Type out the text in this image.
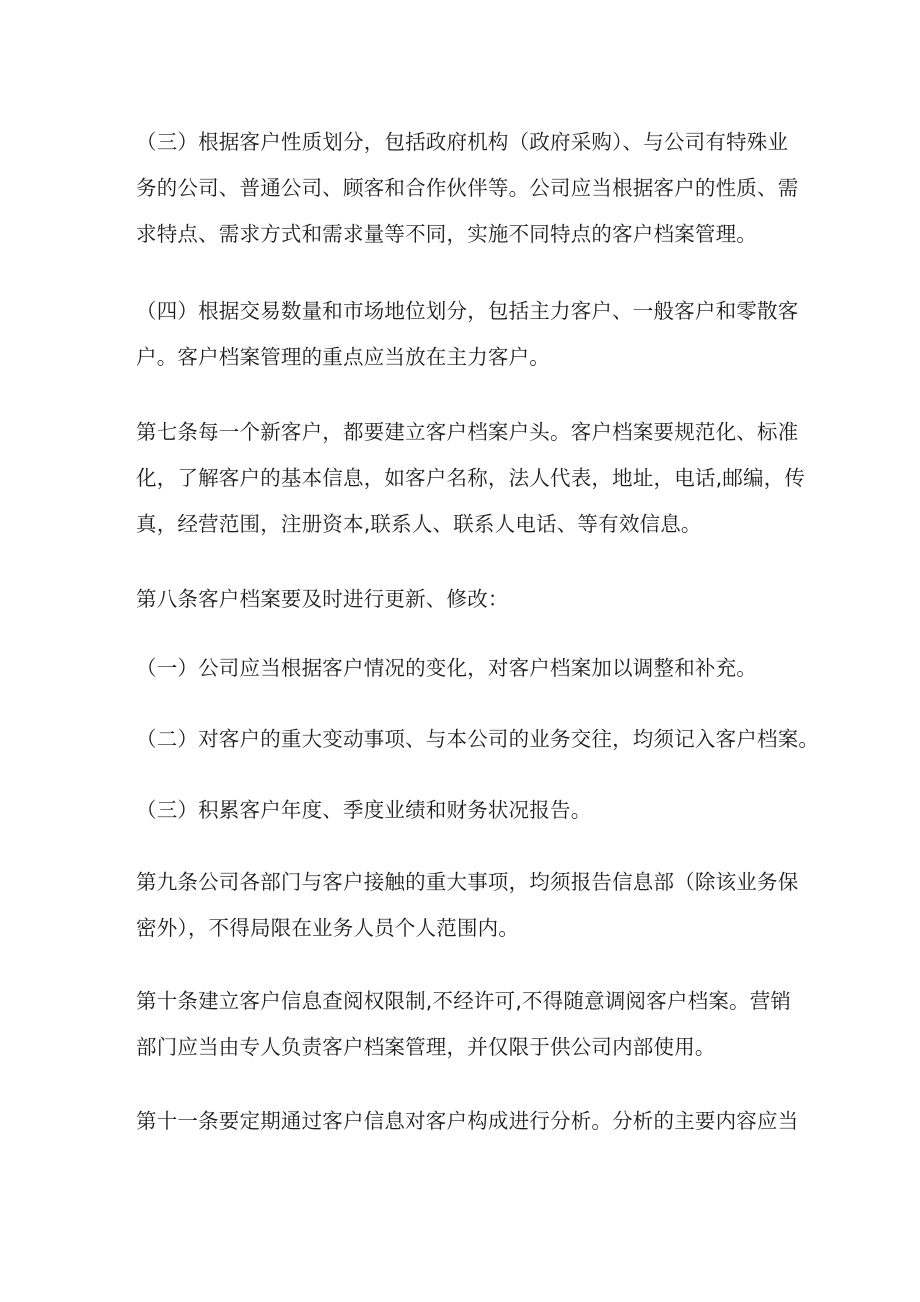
（三）根据客户性质划分，包括政府机构（政府采购）、与公司有特殊业
务的公司、普通公司、顾客和合作伙伴等。公司应当根据客户的性质、需
求特点、需求方式和需求量等不同，实施不同特点的客户档案管理。

（四）根据交易数量和市场地位划分，包括主力客户、一般客户和零散客
户。客户档案管理的重点应当放在主力客户。

第七条每一个新客户，都要建立客户档案户头。客户档案要规范化、标准
化，了解客户的基本信息，如客户名称，法人代表，地址，电话,邮编，传
真，经营范围，注册资本,联系人、联系人电话、等有效信息。

第八条客户档案要及时进行更新、修改：

（一）公司应当根据客户情况的变化，对客户档案加以调整和补充。

（二）对客户的重大变动事项、与本公司的业务交往，均须记入客户档案。

（三）积累客户年度、季度业绩和财务状况报告。

第九条公司各部门与客户接触的重大事项，均须报告信息部（除该业务保
密外），不得局限在业务人员个人范围内。

第十条建立客户信息查阅权限制,不经许可,不得随意调阅客户档案。营销
部门应当由专人负责客户档案管理，并仅限于供公司内部使用。

第十一条要定期通过客户信息对客户构成进行分析。分析的主要内容应当
